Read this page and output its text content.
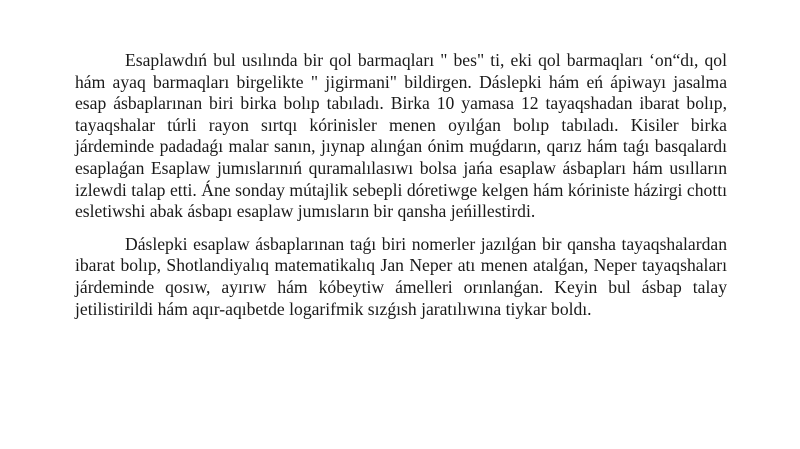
Esaplawdıń bul usılında bir qol barmaqları " bes" ti, eki qol barmaqları ‘on“dı, qol hám ayaq barmaqları birgelikte " jigirmani" bildirgen. Dáslepki hám eń ápiwayı jasalma esap ásbaplarınan biri birka bolıp tabıladı. Birka 10 yamasa 12 tayaqshadan ibarat bolıp, tayaqshalar túrli rayon sırtqı kórinisler menen oyılǵan bolıp tabıladı. Kisiler birka járdeminde padadaǵı malar sanın, jıynap alınǵan ónim muǵdarın, qarız hám taǵı basqalardı esaplaǵan Esaplaw jumıslarınıń quramalılasıwı bolsa jańa esaplaw ásbapları hám usılların izlewdi talap etti. Áne sonday mútajlik sebepli dóretiwge kelgen hám kóriniste házirgi chottı esletiwshi abak ásbapı esaplaw jumısların bir qansha jeńillestirdi.

Dáslepki esaplaw ásbaplarınan taǵı biri nomerler jazılǵan bir qansha tayaqshalardan ibarat bolıp, Shotlandiyalıq matematikalıq Jan Neper atı menen atalǵan, Neper tayaqshaları járdeminde qosıw, ayırıw hám kóbeytiw ámelleri orınlanǵan. Keyin bul ásbap talay jetilistirildi hám aqır-aqıbetde logarifmik sızǵısh jaratılıwına tiykar boldı.
